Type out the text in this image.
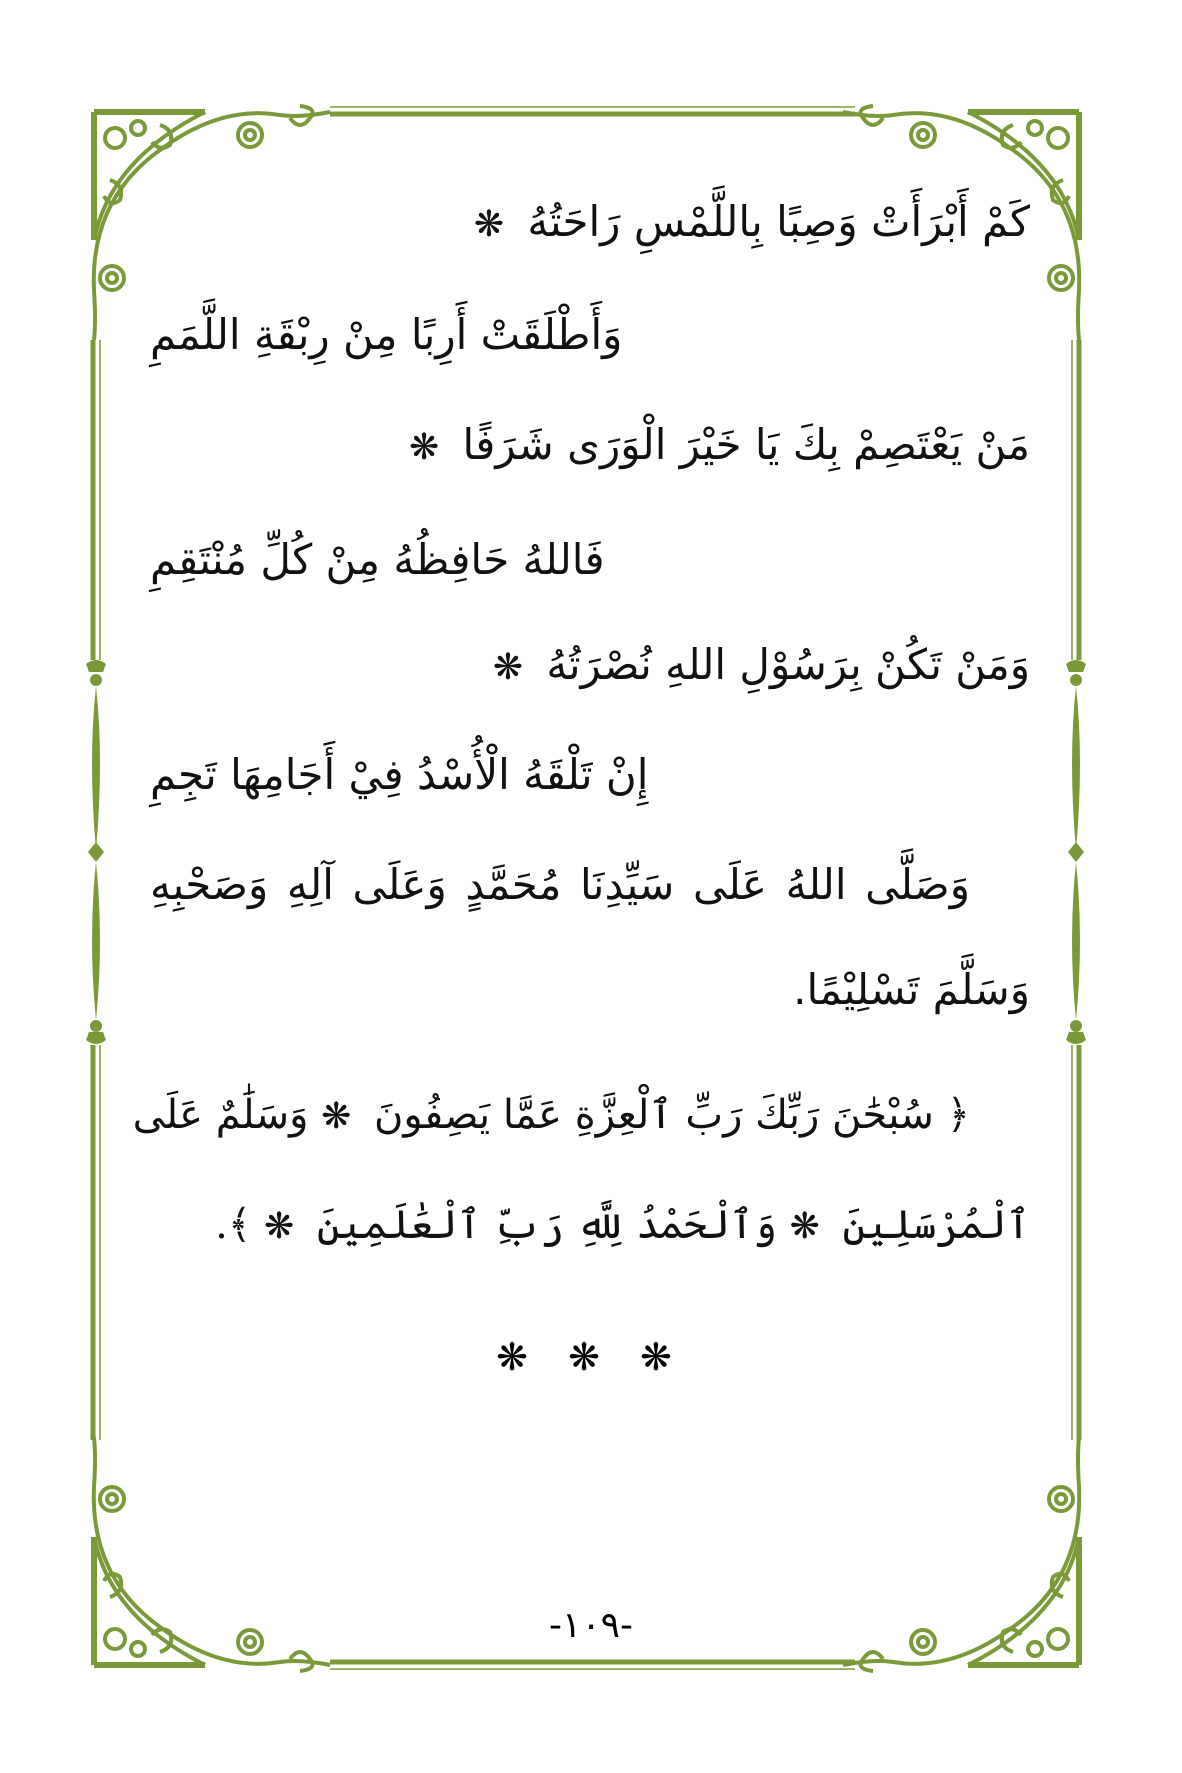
كَمْ أَبْرَأَتْ وَصِبًا بِاللَّمْسِ رَاحَتُهُ ❋
وَأَطْلَقَتْ أَرِبًا مِنْ رِبْقَةِ اللَّمَمِ
مَنْ يَعْتَصِمْ بِكَ يَا خَيْرَ الْوَرَى شَرَفًا ❋
فَاللهُ حَافِظُهُ مِنْ كُلِّ مُنْتَقِمِ
وَمَنْ تَكُنْ بِرَسُوْلِ اللهِ نُصْرَتُهُ ❋
إِنْ تَلْقَهُ الْأُسْدُ فِيْ أَجَامِهَا تَجِمِ
وَصَلَّى اللهُ عَلَى سَيِّدِنَا مُحَمَّدٍ وَعَلَى آلِهِ وَصَحْبِهِ
وَسَلَّمَ تَسْلِيْمًا.
﴿ سُبْحَٰنَ رَبِّكَ رَبِّ ٱلْعِزَّةِ عَمَّا يَصِفُونَ ❋ وَسَلَٰمٌ عَلَى
ٱلْمُرْسَلِينَ ❋ وَٱلْحَمْدُ لِلَّهِ رَبِّ ٱلْعَٰلَمِينَ ❋ ﴾.
❋ ❋ ❋
-١٠٩-
